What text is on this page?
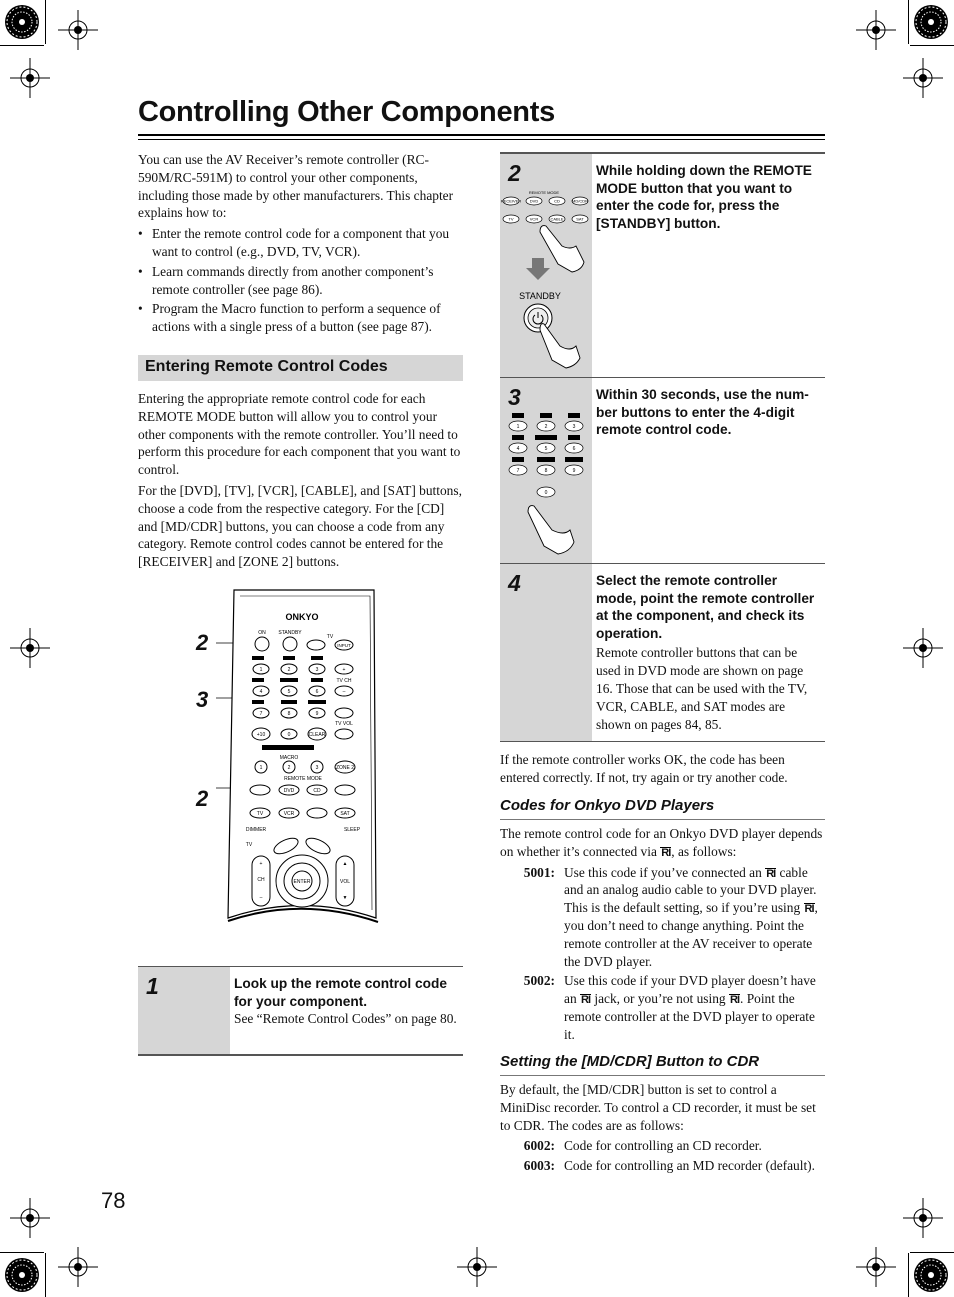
Controlling Other Components

You can use the AV Receiver’s remote controller (RC-590M/RC-591M) to control your other components, including those made by other manufacturers. This chapter explains how to:

• Enter the remote control code for a component that you want to control (e.g., DVD, TV, VCR).
• Learn commands directly from another component’s remote controller (see page 86).
• Program the Macro function to perform a sequence of actions with a single press of a button (see page 87).
Entering Remote Control Codes

Entering the appropriate remote control code for each REMOTE MODE button will allow you to control your other components with the remote controller. You’ll need to perform this procedure for each component that you want to control.

For the [DVD], [TV], [VCR], [CABLE], and [SAT] buttons, choose a code from the respective category. For the [CD] and [MD/CDR] buttons, you can choose a code from any category. Remote control codes cannot be entered for the [RECEIVER] and [ZONE 2] buttons.

2
3
2
ONKYO
ON	STANDBY
TV
INPUT
1	2	3
4	5	6
7	8	9
+10	0	CLEAR
+
TV CH
–
TV VOL
MACRO
1	2	3	ZONE 2
REMOTE MODE
DVD	CD
TV	VCR	SAT
DIMMER	SLEEP
TV
ENTER
+
CH
–
▲
VOL
▼
1	Look up the remote control code for your component.
See “Remote Control Codes” on page 80.
2
REMOTE MODE
RECEIVER DVD	CD	MD/CDR
TV	VCR	CABLE	SAT
STANDBY
While holding down the REMOTE MODE button that you want to enter the code for, press the [STANDBY] button.
3
1	2	3
4	5	6
7	8	9
0
Within 30 seconds, use the number buttons to enter the 4-digit remote control code.
4	Select the remote controller mode, point the remote controller at the component, and check its operation.
Remote controller buttons that can be used in DVD mode are shown on page 16. Those that can be used with the TV, VCR, CABLE, and SAT modes are shown on pages 84, 85.
If the remote controller works OK, the code has been entered correctly. If not, try again or try another code.
Codes for Onkyo DVD Players

The remote control code for an Onkyo DVD player depends on whether it’s connected via RI, as follows:

5001: Use this code if you’ve connected an RI cable and an analog audio cable to your DVD player. This is the default setting, so if you’re using RI, you don’t need to change anything. Point the remote controller at the AV receiver to operate the DVD player.
5002: Use this code if your DVD player doesn’t have an RI jack, or you’re not using RI. Point the remote controller at the DVD player to operate it.
Setting the [MD/CDR] Button to CDR

By default, the [MD/CDR] button is set to control a MiniDisc recorder. To control a CD recorder, it must be set to CDR. The codes are as follows:

6002: Code for controlling an CD recorder.
6003: Code for controlling an MD recorder (default).
78
